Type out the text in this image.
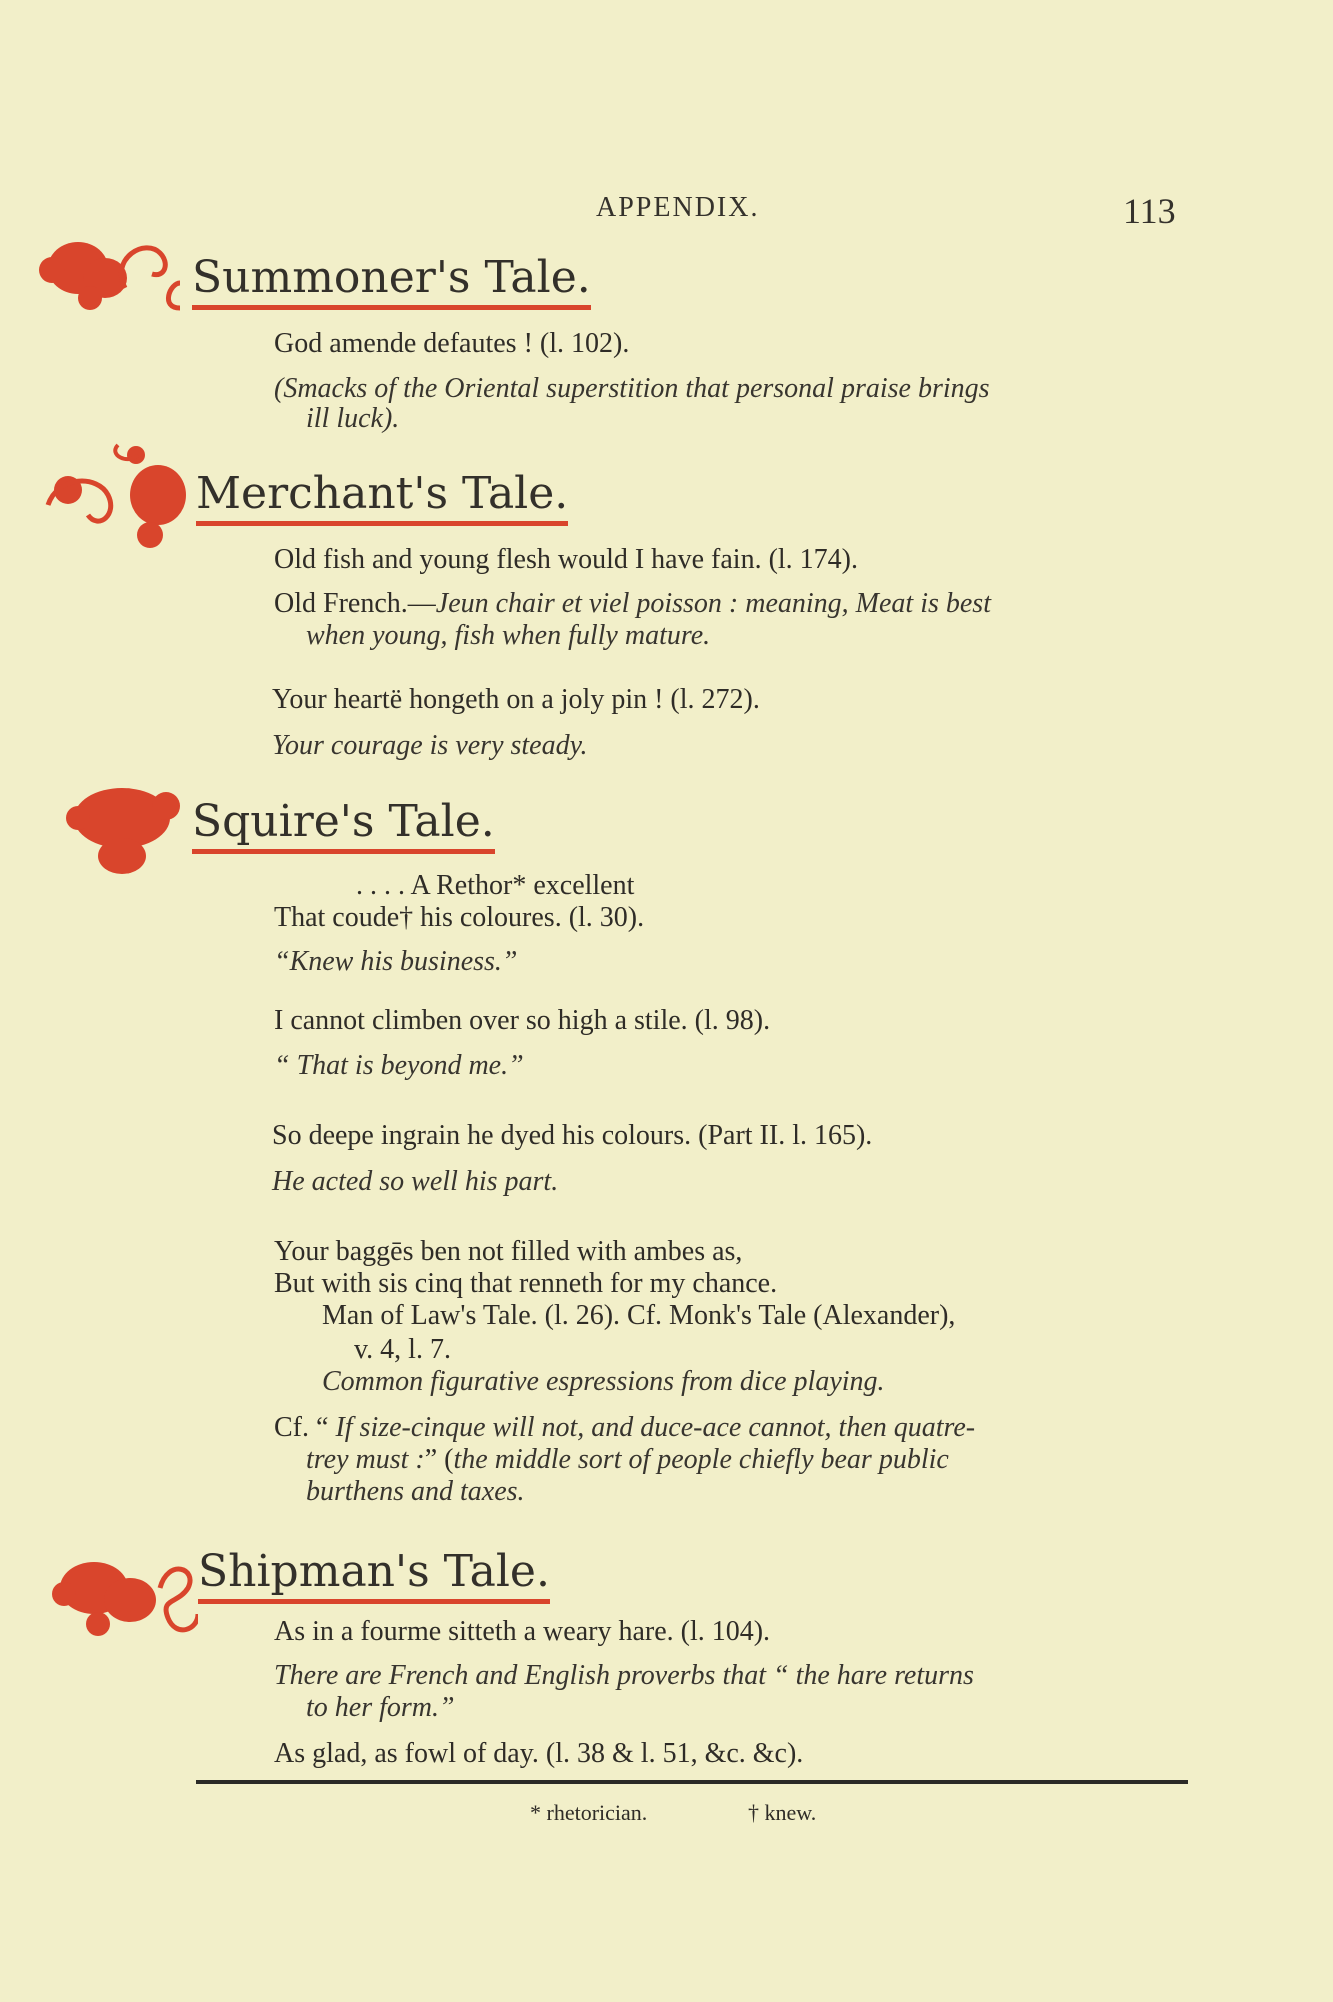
APPENDIX.	113
Summoner's Tale.
God amende defautes ! (l. 102).
(Smacks of the Oriental superstition that personal praise brings
ill luck).
Merchant's Tale.
Old fish and young flesh would I have fain. (l. 174).
Old French.—Jeun chair et viel poisson : meaning, Meat is best
when young, fish when fully mature.
Your heartë hongeth on a joly pin ! (l. 272).
Your courage is very steady.
Squire's Tale.
. . . . A Rethor* excellent
That coude† his coloures. (l. 30).
“Knew his business.”
I cannot climben over so high a stile. (l. 98).
“ That is beyond me.”
So deepe ingrain he dyed his colours. (Part II. l. 165).
He acted so well his part.
Your baggēs ben not filled with ambes as,
But with sis cinq that renneth for my chance.
Man of Law's Tale. (l. 26). Cf. Monk's Tale (Alexander),
v. 4, l. 7.
Common figurative espressions from dice playing.
Cf. “ If size-cinque will not, and duce-ace cannot, then quatre-
trey must :” (the middle sort of people chiefly bear public
burthens and taxes.
Shipman's Tale.
As in a fourme sitteth a weary hare. (l. 104).
There are French and English proverbs that “ the hare returns
to her form.”
As glad, as fowl of day. (l. 38 & l. 51, &c. &c).
* rhetorician.	† knew.
